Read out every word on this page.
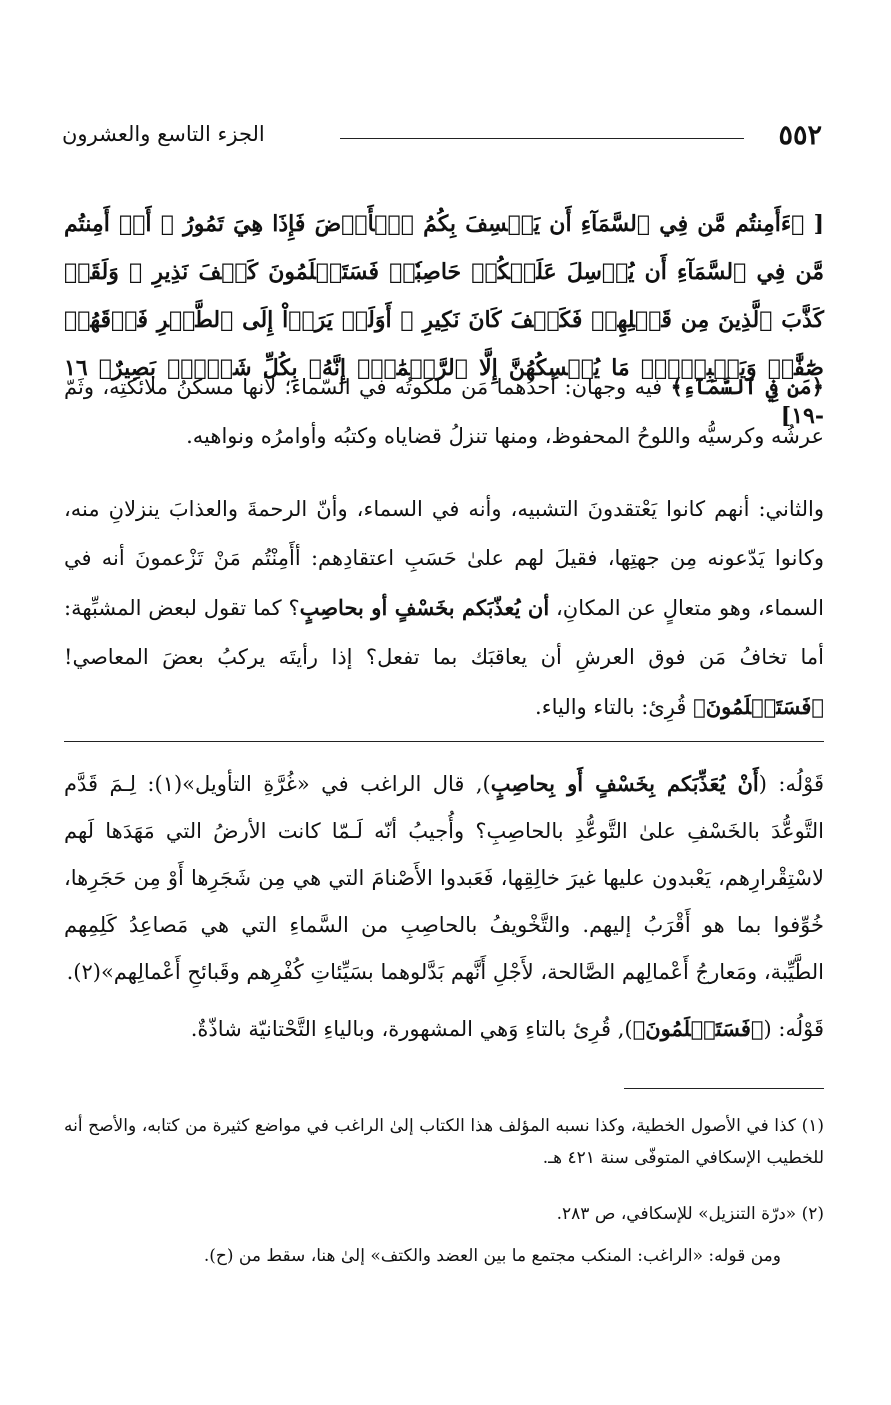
٥٥٢
الجزء التاسع والعشرون
[ ﴿ءَأَمِنتُم مَّن فِي ٱلسَّمَآءِ أَن يَخۡسِفَ بِكُمُ ٱلۡأَرۡضَ فَإِذَا هِيَ تَمُورُ ۞ أَمۡ أَمِنتُم مَّن فِي ٱلسَّمَآءِ أَن يُرۡسِلَ عَلَيۡكُمۡ حَاصِبٗاۖ فَسَتَعۡلَمُونَ كَيۡفَ نَذِيرِ ۞ وَلَقَدۡ كَذَّبَ ٱلَّذِينَ مِن قَبۡلِهِمۡ فَكَيۡفَ كَانَ نَكِيرِ ۞ أَوَلَمۡ يَرَوۡاْ إِلَى ٱلطَّيۡرِ فَوۡقَهُمۡ صَٰٓفَّٰتٖ وَيَقۡبِضۡنَۚ مَا يُمۡسِكُهُنَّ إِلَّا ٱلرَّحۡمَٰنُۚ إِنَّهُۥ بِكُلِّ شَيۡءِۭ بَصِيرٌ﴾ ١٦ -١٩]
﴿مَن فِي ٱلسَّمَآءِ﴾ فيه وجهان: أحدُهما مَن ملكوتُه في السّماء؛ لأنها مسكنُ ملائكتِه، وثَمّ عرشُه وكرسيُّه واللوحُ المحفوظ، ومنها تنزلُ قضاياه وكتبُه وأوامرُه ونواهيه.
والثاني: أنهم كانوا يَعْتقدونَ التشبيه، وأنه في السماء، وأنّ الرحمةَ والعذابَ ينزلانِ منه، وكانوا يَدّعونه مِن جهتِها، فقيلَ لهم علىٰ حَسَبِ اعتقادِهم: أأَمِنْتُم مَنْ تَزْعمونَ أنه في السماء، وهو متعالٍ عن المكانِ، أن يُعذّبَكم بخَسْفٍ أو بحاصِبٍ؟ كما تقول لبعض المشبِّهة: أما تخافُ مَن فوق العرشِ أن يعاقبَك بما تفعل؟ إذا رأيتَه يركبُ بعضَ المعاصي! ﴿فَسَتَعۡلَمُونَ﴾ قُرِئ: بالتاء والياء.
قَوْلُه: (أَنْ يُعَذِّبَكم بِخَسْفٍ أَو بِحاصِبٍ), قال الراغب في «غُرَّةِ التأويل»(١): لِـمَ قَدَّم التَّوعُّدَ بالخَسْفِ علىٰ التَّوعُّدِ بالحاصِبِ؟ وأُجيبُ أنّه لَـمّا كانت الأرضُ التي مَهَدَها لَهم لاسْتِقْرارِهم، يَعْبدون عليها غيرَ خالِقِها، فَعَبدوا الأَصْنامَ التي هي مِن شَجَرِها أَوْ مِن حَجَرِها، خُوِّفوا بما هو أَقْرَبُ إليهم. والتَّخْويفُ بالحاصِبِ من السَّماءِ التي هي مَصاعِدُ كَلِمِهم الطَّيِّبة، ومَعارجُ أَعْمالِهم الصَّالحة، لأَجْلِ أَنَّهم بَدَّلوهما بسَيِّئاتِ كُفْرِهم وقَبائحِ أَعْمالِهم»(٢).
قَوْلُه: (﴿فَسَتَعۡلَمُونَ﴾), قُرِئ بالتاءِ وَهي المشهورة، وبالياءِ التَّحْتانيّة شاذّةٌ.
(١) كذا في الأصول الخطية، وكذا نسبه المؤلف هذا الكتاب إلىٰ الراغب في مواضع كثيرة من كتابه، والأصح أنه للخطيب الإسكافي المتوفّى سنة ٤٢١ هـ.
(٢) «درّة التنزيل» للإسكافي، ص ٢٨٣.
ومن قوله: «الراغب: المنكب مجتمع ما بين العضد والكتف» إلىٰ هنا، سقط من (ح).
